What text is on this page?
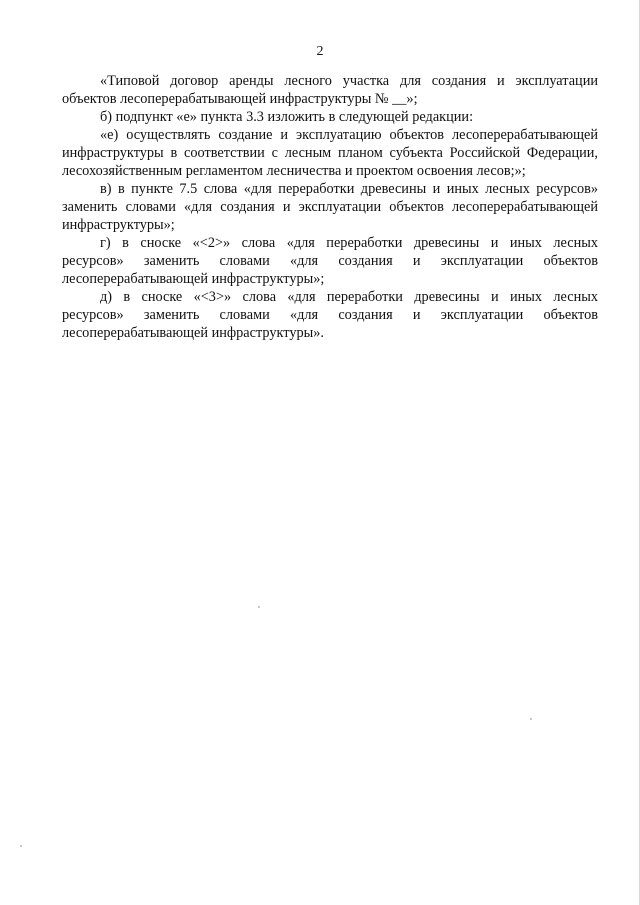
2
«Типовой договор аренды лесного участка для создания и эксплуатации
объектов лесоперерабатывающей инфраструктуры № __»;
б) подпункт «е» пункта 3.3 изложить в следующей редакции:
«е) осуществлять создание и эксплуатацию объектов лесоперерабатывающей
инфраструктуры в соответствии с лесным планом субъекта Российской Федерации,
лесохозяйственным регламентом лесничества и проектом освоения лесов;»;
в) в пункте 7.5 слова «для переработки древесины и иных лесных ресурсов»
заменить словами «для создания и эксплуатации объектов лесоперерабатывающей
инфраструктуры»;
г) в сноске «<2>» слова «для переработки древесины и иных лесных
ресурсов» заменить словами «для создания и эксплуатации объектов
лесоперерабатывающей инфраструктуры»;
д) в сноске «<3>» слова «для переработки древесины и иных лесных
ресурсов» заменить словами «для создания и эксплуатации объектов
лесоперерабатывающей инфраструктуры».
